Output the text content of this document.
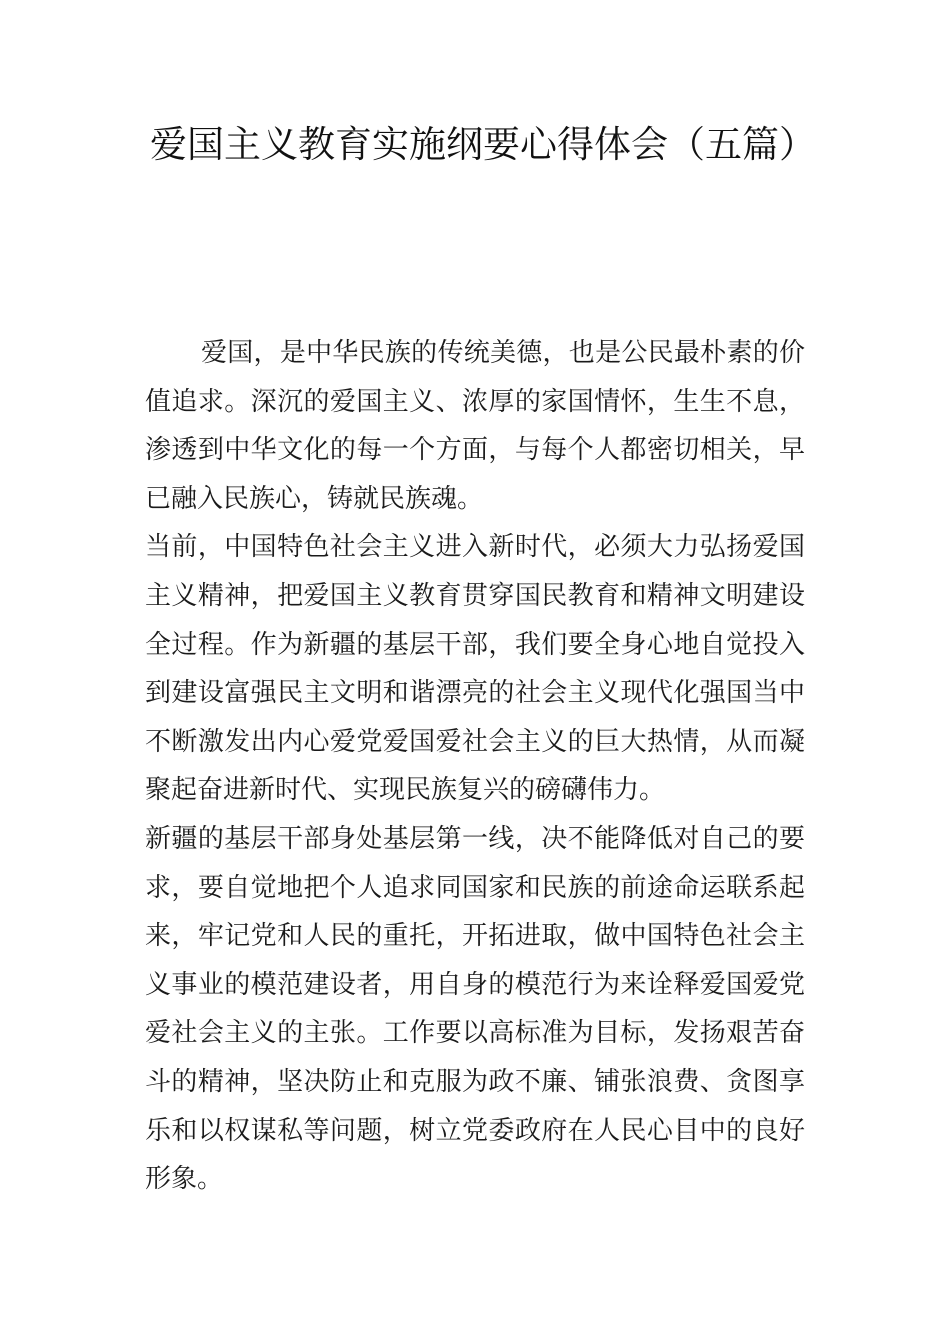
爱国主义教育实施纲要心得体会（五篇）

爱国，是中华民族的传统美德，也是公民最朴素的价值追求。深沉的爱国主义、浓厚的家国情怀，生生不息，渗透到中华文化的每一个方面，与每个人都密切相关，早已融入民族心，铸就民族魂。

当前，中国特色社会主义进入新时代，必须大力弘扬爱国主义精神，把爱国主义教育贯穿国民教育和精神文明建设全过程。作为新疆的基层干部，我们要全身心地自觉投入到建设富强民主文明和谐漂亮的社会主义现代化强国当中不断激发出内心爱党爱国爱社会主义的巨大热情，从而凝聚起奋进新时代、实现民族复兴的磅礴伟力。

新疆的基层干部身处基层第一线，决不能降低对自己的要求，要自觉地把个人追求同国家和民族的前途命运联系起来，牢记党和人民的重托，开拓进取，做中国特色社会主义事业的模范建设者，用自身的模范行为来诠释爱国爱党爱社会主义的主张。工作要以高标准为目标，发扬艰苦奋斗的精神，坚决防止和克服为政不廉、铺张浪费、贪图享乐和以权谋私等问题，树立党委政府在人民心目中的良好形象。
